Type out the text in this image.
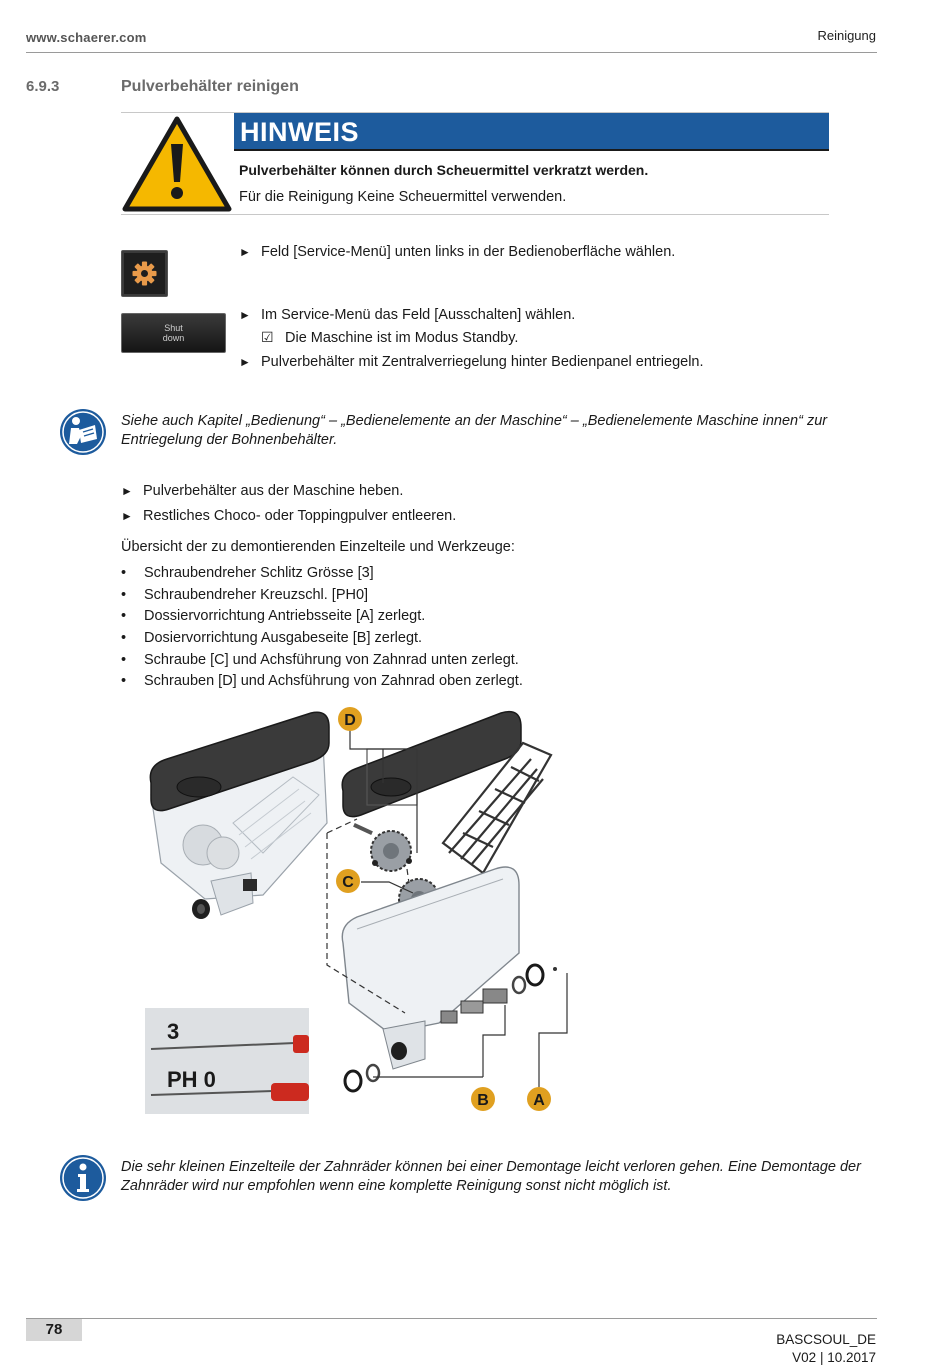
www.schaerer.com	Reinigung
6.9.3	Pulverbehälter reinigen
HINWEIS
Pulverbehälter können durch Scheuermittel verkratzt werden.
Für die Reinigung Keine Scheuermittel verwenden.
Shut
down
► Feld [Service-Menü] unten links in der Bedienoberfläche wählen.
► Im Service-Menü das Feld [Ausschalten] wählen.
☑ Die Maschine ist im Modus Standby.
► Pulverbehälter mit Zentralverriegelung hinter Bedienpanel entriegeln.
Siehe auch Kapitel „Bedienung“ – „Bedienelemente an der Maschine“ – „Bedienelemente Maschine innen“ zur
Entriegelung der Bohnenbehälter.
► Pulverbehälter aus der Maschine heben.
► Restliches Choco- oder Toppingpulver entleeren.
Übersicht der zu demontierenden Einzelteile und Werkzeuge:
• Schraubendreher Schlitz Grösse [3]
• Schraubendreher Kreuzschl. [PH0]
• Dossiervorrichtung Antriebsseite [A] zerlegt.
• Dosiervorrichtung Ausgabeseite [B] zerlegt.
• Schraube [C] und Achsführung von Zahnrad unten zerlegt.
• Schrauben [D] und Achsführung von Zahnrad oben zerlegt.
D
C
B	A
3
PH 0
Die sehr kleinen Einzelteile der Zahnräder können bei einer Demontage leicht verloren gehen. Eine Demontage der
Zahnräder wird nur empfohlen wenn eine komplette Reinigung sonst nicht möglich ist.
78
BASCSOUL_DE
V02 | 10.2017
